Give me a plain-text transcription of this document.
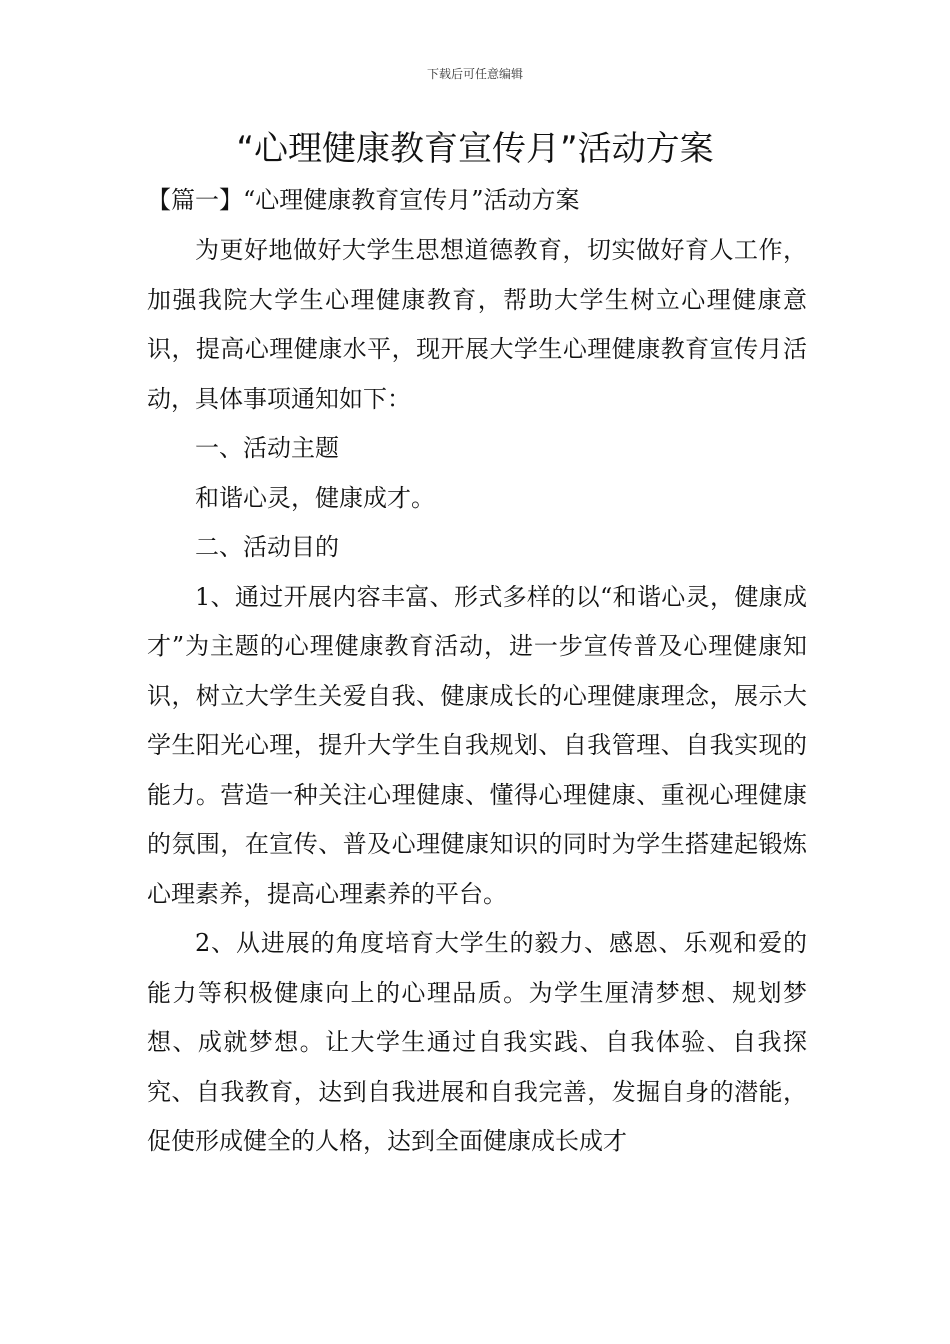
下载后可任意编辑
“心理健康教育宣传月”活动方案
【篇一】“心理健康教育宣传月”活动方案

为更好地做好大学生思想道德教育，切实做好育人工作，加强我院大学生心理健康教育，帮助大学生树立心理健康意识，提高心理健康水平，现开展大学生心理健康教育宣传月活动，具体事项通知如下：

一、活动主题

和谐心灵，健康成才。

二、活动目的

1、通过开展内容丰富、形式多样的以“和谐心灵，健康成才”为主题的心理健康教育活动，进一步宣传普及心理健康知识，树立大学生关爱自我、健康成长的心理健康理念，展示大学生阳光心理，提升大学生自我规划、自我管理、自我实现的能力。营造一种关注心理健康、懂得心理健康、重视心理健康的氛围，在宣传、普及心理健康知识的同时为学生搭建起锻炼心理素养，提高心理素养的平台。

2、从进展的角度培育大学生的毅力、感恩、乐观和爱的能力等积极健康向上的心理品质。为学生厘清梦想、规划梦想、成就梦想。让大学生通过自我实践、自我体验、自我探究、自我教育，达到自我进展和自我完善，发掘自身的潜能，促使形成健全的人格，达到全面健康成长成才
